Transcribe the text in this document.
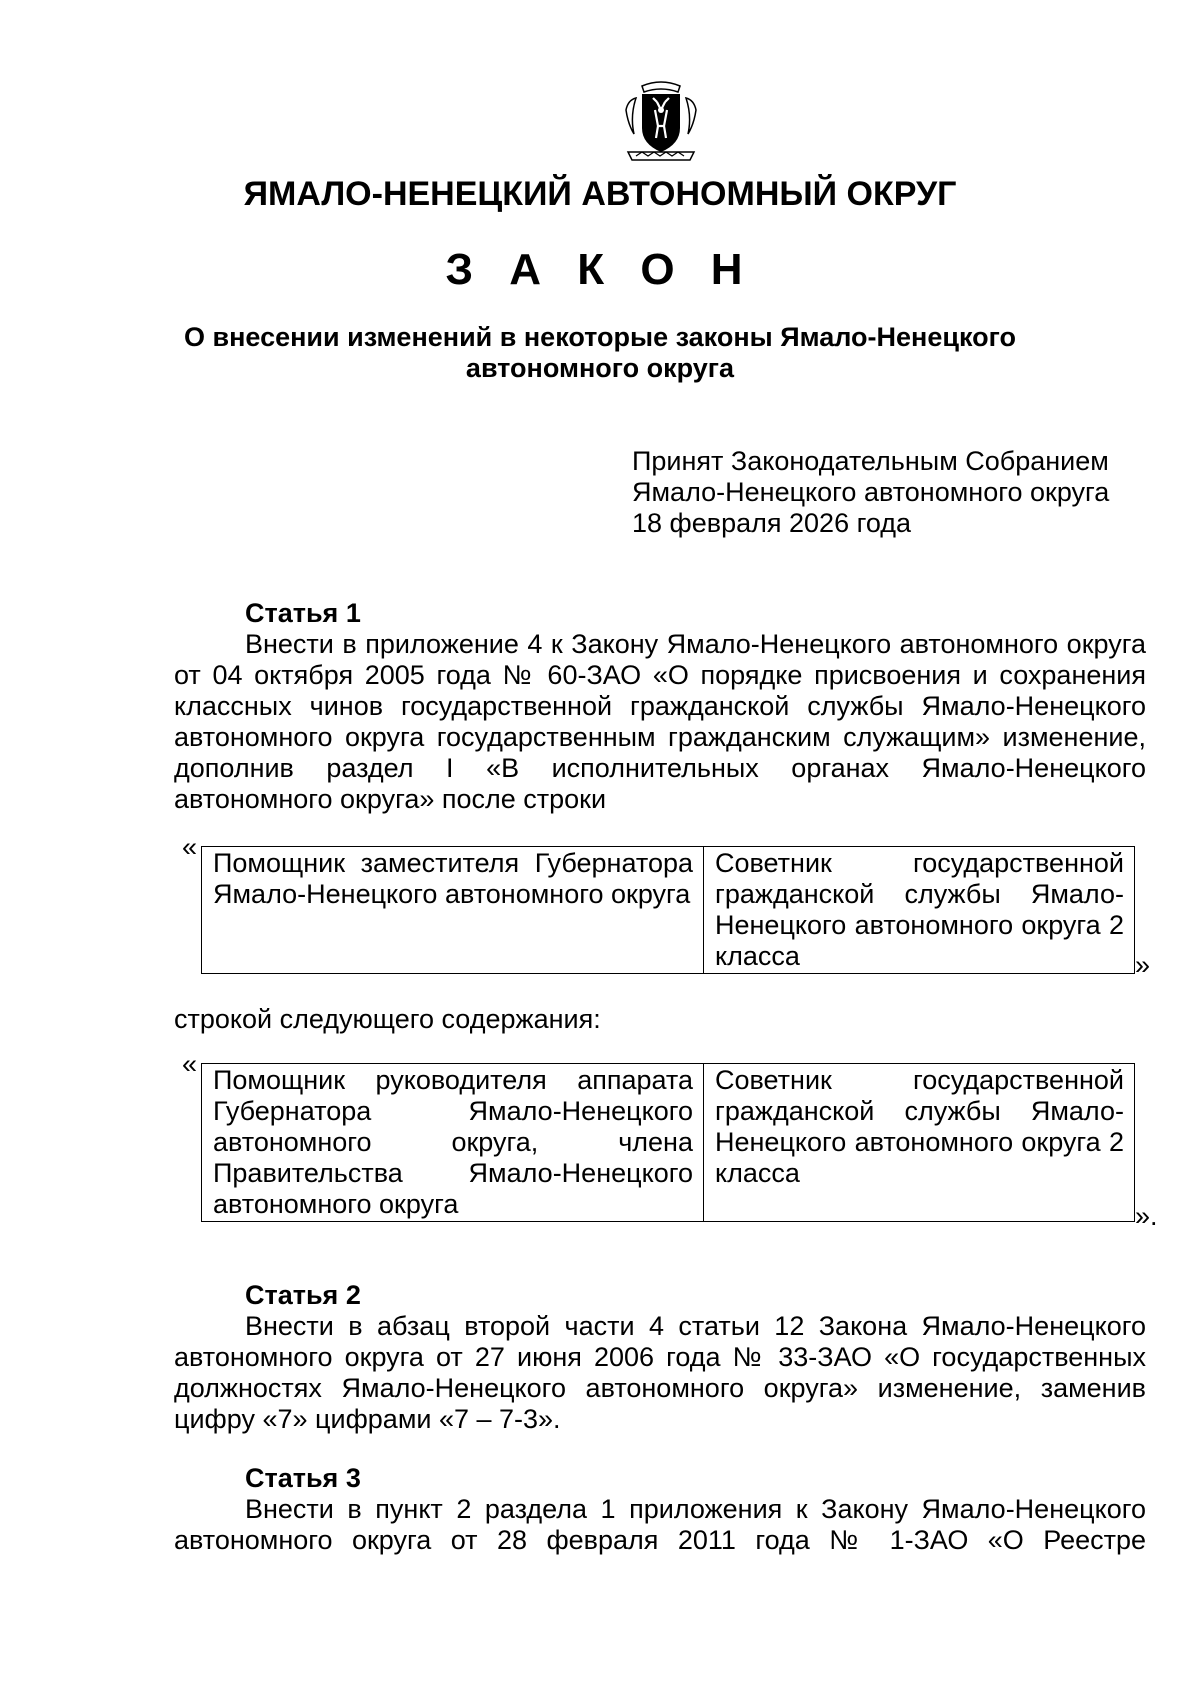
ЯМАЛО-НЕНЕЦКИЙ АВТОНОМНЫЙ ОКРУГ
З А К О Н
О внесении изменений в некоторые законы Ямало-Ненецкого автономного округа
Принят Законодательным Собранием
Ямало-Ненецкого автономного округа
18 февраля 2026 года
Статья 1

Внести в приложение 4 к Закону Ямало-Ненецкого автономного округа от 04 октября 2005 года № 60-ЗАО «О порядке присвоения и сохранения классных чинов государственной гражданской службы Ямало-Ненецкого автономного округа государственным гражданским служащим» изменение, дополнив раздел I «В исполнительных органах Ямало-Ненецкого автономного округа» после строки

«
Помощник заместителя Губернатора Ямало-Ненецкого автономного округа	Советник государственной гражданской службы Ямало-Ненецкого автономного округа 2 класса	»
строкой следующего содержания:
«
Помощник руководителя аппарата Губернатора Ямало-Ненецкого автономного округа, члена Правительства Ямало-Ненецкого автономного округа	Советник государственной гражданской службы Ямало-Ненецкого автономного округа 2 класса
».
Статья 2

Внести в абзац второй части 4 статьи 12 Закона Ямало-Ненецкого автономного округа от 27 июня 2006 года № 33-ЗАО «О государственных должностях Ямало-Ненецкого автономного округа» изменение, заменив цифру «7» цифрами «7 – 7-3».

Статья 3

Внести в пункт 2 раздела 1 приложения к Закону Ямало-Ненецкого автономного округа от 28 февраля 2011 года № 1-ЗАО «О Реестре
